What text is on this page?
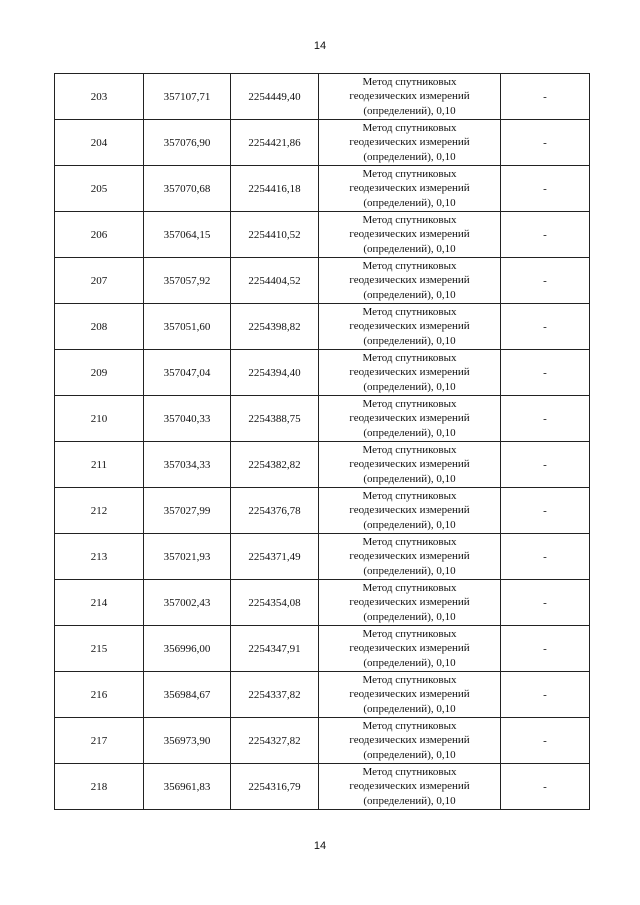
14
203	357107,71	2254449,40	Метод спутниковых
геодезических измерений
(определений), 0,10	-
204	357076,90	2254421,86	Метод спутниковых
геодезических измерений
(определений), 0,10	-
205	357070,68	2254416,18	Метод спутниковых
геодезических измерений
(определений), 0,10	-
206	357064,15	2254410,52	Метод спутниковых
геодезических измерений
(определений), 0,10	-
207	357057,92	2254404,52	Метод спутниковых
геодезических измерений
(определений), 0,10	-
208	357051,60	2254398,82	Метод спутниковых
геодезических измерений
(определений), 0,10	-
209	357047,04	2254394,40	Метод спутниковых
геодезических измерений
(определений), 0,10	-
210	357040,33	2254388,75	Метод спутниковых
геодезических измерений
(определений), 0,10	-
211	357034,33	2254382,82	Метод спутниковых
геодезических измерений
(определений), 0,10	-
212	357027,99	2254376,78	Метод спутниковых
геодезических измерений
(определений), 0,10	-
213	357021,93	2254371,49	Метод спутниковых
геодезических измерений
(определений), 0,10	-
214	357002,43	2254354,08	Метод спутниковых
геодезических измерений
(определений), 0,10	-
215	356996,00	2254347,91	Метод спутниковых
геодезических измерений
(определений), 0,10	-
216	356984,67	2254337,82	Метод спутниковых
геодезических измерений
(определений), 0,10	-
217	356973,90	2254327,82	Метод спутниковых
геодезических измерений
(определений), 0,10	-
218	356961,83	2254316,79	Метод спутниковых
геодезических измерений
(определений), 0,10	-
14
